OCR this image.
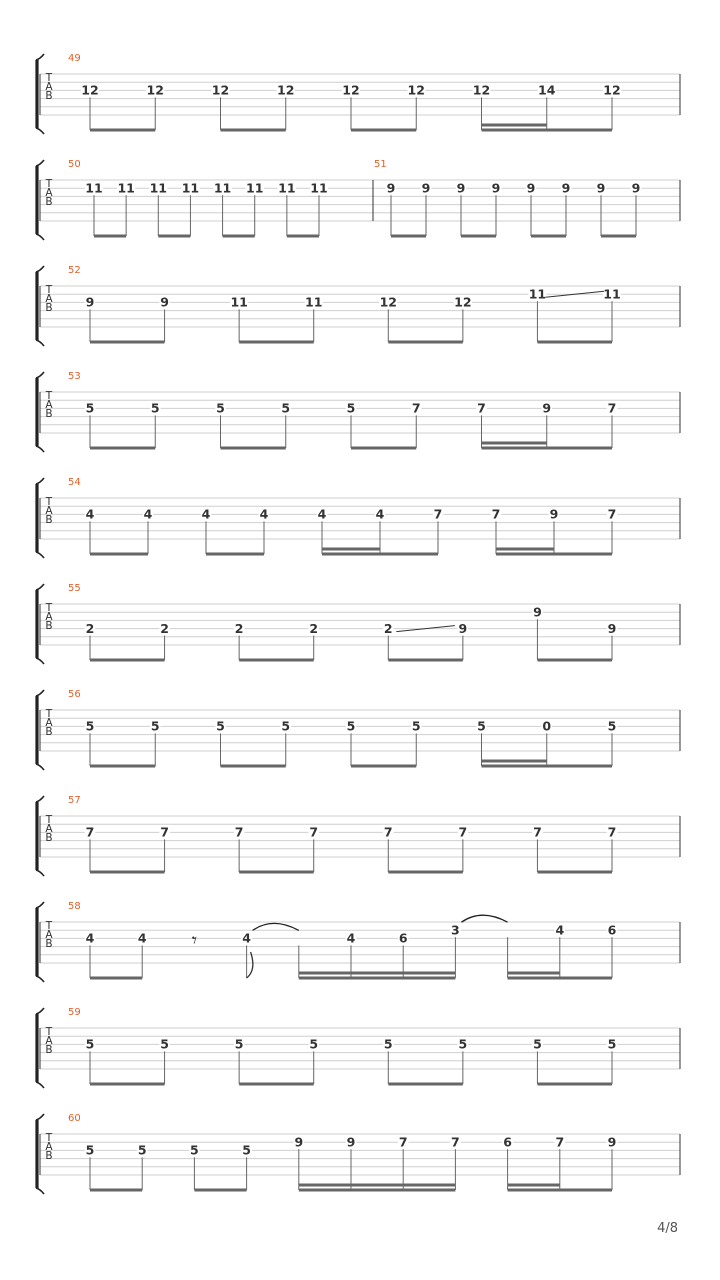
T
A
B
49
12	12	12	12	12	12	12	14	12
T
A
B
50
11 11 11 11 11 11 11 11
51
9 9 9 9 9 9 9 9
T
A
B
52
9	9	11	11	12	12
11	11
T
A
B
53
5	5	5	5	5	7	7	9	7
T
A
B
54
4	4	4	4	4	4	7	7	9	7
T
A
B
55
2	2	2	2	2	9
9
9
T
A
B
56
5	5	5	5	5	5	5	0	5
T
A
B
57
7	7	7	7	7	7	7	7
T
A
B
58
4	4 𝄾	4	4	6
3	4	6
T
A
B
59
5	5	5	5	5	5	5	5
T
A
B
60
5	5	5	5
9	9	7	7	6	7	9
4/8
